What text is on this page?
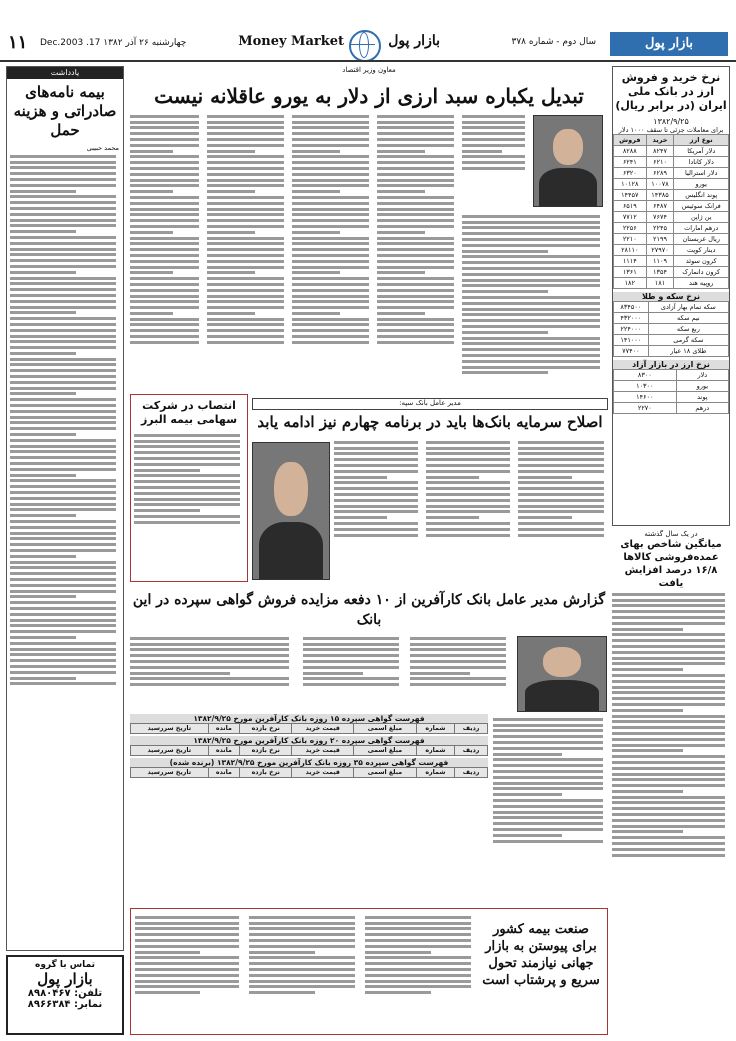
بازار پول
سال دوم - شماره ۳۷۸
بازار پول
Money Market
چهارشنبه ۲۶ آذر ۱۳۸۲ 17. Dec.2003
۱۱
نرخ خرید و فروش ارز در بانک ملی ایران (در برابر ریال)
۱۳۸۲/۹/۲۵
برای معاملات جزئی تا سقف ۱۰۰۰ دلار
نوع ارز	خرید	فروش
دلار آمریکا	۸۲۴۷	۸۲۸۸
دلار کانادا	۶۲۱۰	۶۲۴۱
دلار استرالیا	۶۲۸۹	۶۳۲۰
یورو	۱۰۰۷۸	۱۰۱۲۸
پوند انگلیس	۱۴۳۸۵	۱۴۴۵۷
فرانک سوئیس	۶۴۸۷	۶۵۱۹
ین ژاپن	۷۶۷۴	۷۷۱۲
درهم امارات	۲۲۴۵	۲۲۵۶
ریال عربستان	۲۱۹۹	۲۲۱۰
دینار کویت	۲۷۹۷۰	۲۸۱۱۰
کرون سوئد	۱۱۰۹	۱۱۱۴
کرون دانمارک	۱۳۵۴	۱۳۶۱
روپیه هند	۱۸۱	۱۸۲
نرخ سکه و طلا
سکه تمام بهار آزادی	۸۳۴۵۰۰
نیم سکه	۴۳۲۰۰۰
ربع سکه	۲۲۴۰۰۰
سکه گرمی	۱۴۱۰۰۰
طلای ۱۸ عیار	۷۷۴۰۰
نرخ ارز در بازار آزاد
دلار	۸۳۰۰
یورو	۱۰۳۰۰
پوند	۱۴۶۰۰
درهم	۲۲۷۰
در یک سال گذشته
میانگین شاخص بهای عمده‌فروشی کالاها ۱۶/۸ درصد افزایش یافت
یادداشت
بیمه نامه‌های صادراتی و هزینه حمل
محمد حبیبی
معاون وزیر اقتصاد
تبدیل یکباره سبد ارزی از دلار به یورو عاقلانه نیست
انتصاب در شرکت سهامی بیمه البرز
مدیر عامل بانک سپه:
اصلاح سرمایه بانک‌ها باید در برنامه چهارم نیز ادامه یابد
گزارش مدیر عامل بانک کارآفرین از ۱۰ دفعه مزایده فروش گواهی سپرده در این بانک
فهرست گواهی سپرده ۱۵ روزه بانک کارآفرین مورخ ۱۳۸۲/۹/۲۵
ردیف	شماره	مبلغ اسمی	قیمت خرید	نرخ بازده	مانده	تاریخ سررسید
فهرست گواهی سپرده ۲۰ روزه بانک کارآفرین مورخ ۱۳۸۲/۹/۲۵
ردیف	شماره	مبلغ اسمی	قیمت خرید	نرخ بازده	مانده	تاریخ سررسید
فهرست گواهی سپرده ۳۵ روزه بانک کارآفرین مورخ ۱۳۸۲/۹/۲۵ (برنده شده)
ردیف	شماره	مبلغ اسمی	قیمت خرید	نرخ بازده	مانده	تاریخ سررسید
صنعت بیمه کشور برای پیوستن به بازار جهانی نیازمند تحول سریع و پرشتاب است
تماس با گروه
بازار پول
تلفن: ۸۹۸۰۴۶۷
نمابر: ۸۹۶۶۳۸۴
